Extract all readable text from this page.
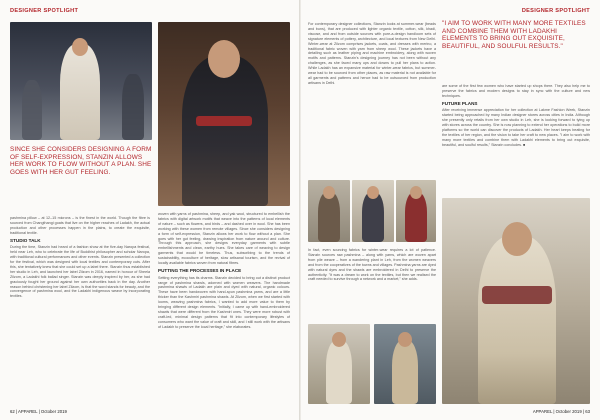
DESIGNER SPOTLIGHT	DESIGNER SPOTLIGHT
SINCE SHE CONSIDERS DESIGNING A FORM OF SELF-EXPRESSION, STANZIN ALLOWS HER WORK TO FLOW WITHOUT A PLAN. SHE GOES WITH HER GUT FEELING.

pashmina pillow – at 12–15 microns – is the finest in the world. Though the fibre is sourced from Changthangi goats that live on the higher reaches of Ladakh, the actual production and other processes happen in the plains, to create the exquisite, traditional textile.

STUDIO TALK

During the time, Stanzin had heard of a fashion show at the five-day Naropa festival, held near Leh, who to celebrate the life of Buddhist philosopher and scholar Naropa, with traditional cultural performances and other events. Stanzin presented a collection for the festival, which was designed with local textiles and contemporary cuts. After this, she tentatively knew that she could set up a label there. Stanzin thus established her studio in Leh, and launched her label Zilzom in 2016, named in honour of Sheela Zilzom, a Ladakhi folk ballad singer. Stanzin was deeply inspired by her, as she had graciously fought her ground against her own authorities back in the day. Another reason behind christening her label Zilzom, is that the word stands for beauty, and the convergence of pashmina wool, and the Ladakhi indigenous weave by incorporating textiles.

woven with yarns of pashmina, sheep, and yak wool, structured to embellish the fabrics with digital artwork motifs that weave into the patterns of local elements of nature – such as flowers, and birds – and dashed over in wool. She has been working with these women from remote villages. Since she considers designing a form of self-expression, Stanzin allows her work to flow without a plan. She goes with her gut feeling, drawing inspiration from nature around and culture. Through this approach, she designs everyday garments with subtle embellishments and clean, earthy hues. She takes care of weaving to design garments that would be timeless. Thus, subscribing to the trends of sustainability, ecoculture of heritage, slow artisanal tourism, and the revival of locally available fabrics woven from natural fibres.

PUTTING THE PROCESSES IN PLACE

Setting everything has its charms. Stanzin decided to bring out a distinct product range of pashmina shawls, adorned with women weavers. The handmade pashmina shawls of Ladakh are plain and dyed with natural, organic colours. These have been handwoven with hand-spun pashmina yarns, and are a little thicker than the Kashmiri pashmina shawls. At Zilzom, when we first started with looms, weaving pashmina fabrics, I wanted to add more value to them by bringing different design elements. "Initially, I came up with hand-embroidered shawls that were different from the Kashmiri ones. They were more robust with craft-led, minimal design patterns that fit into contemporary lifestyles of consumers who want the value of craft and skill, and I still work with the artisans of Ladakh to preserve the local heritage," she elaborates.

For contemporary designer collections, Stanzin looks at summer-wear (beads and buns), that are produced with lighter organic textile, cotton, silk, khadi, viscose, and and from outside sources with pure-a-design handloom sets of signature elements of pottery, architecture, and local textures from New Delhi. Winter-wear at Zilzom comprises jackets, coats, and dresses with merino, a traditional fabric woven with yarn from sheep wool. These jackets have a detailing such as leather piping and machine embroidery, along with woven motifs and patterns. Stanzin's designing journey has not been without any challenges, as she faced many ups and downs to pull her plans to action. While Ladakh has an expansive material for winter-wear fabrics, but summer-wear had to be sourced from other places, as raw material is not available for all garments and patterns and hence had to be outsourced from production artisans in Delhi.

In fact, even sourcing fabrics for winter-wear requires a lot of patience. Stanzin sources raw pashmina – along with yarns, which are woven apart from pile weave – from a wandering plant in Leh, from the women weavers and from the cooperatives of the towns and villages. Pashmina yarns are dyed with natural dyes and the shawls are embroidered in Delhi to preserve the authenticity. "It was a dream to work on the textiles, but then we realised the craft needed to survive through a network and a market," she adds.

"I AIM TO WORK WITH MANY MORE TEXTILES AND COMBINE THEM WITH LADAKHI ELEMENTS TO BRING OUT EXQUISITE, BEAUTIFUL, AND SOULFUL RESULTS."

are some of the first few women who have started up shops there. They also help me to preserve the fabrics and modern designs to stay in sync with the culture and new techniques.

FUTURE PLANS

After receiving immense appreciation for her collection at Lakme Fashion Week, Stanzin started being approached by many Indian designer stores across cities in India. Although she presently only retails from her own studio in Leh, she is looking forward to tying up with stores across the country. She is now planning to extend her operations to build more platforms so the world can discover the products of Ladakh. Her heart keeps beating for the textiles of her region, and the vision to take her craft to new places. "I aim to work with many more textiles and combine them with Ladakhi elements to bring out exquisite, beautiful, and soulful results," Stanzin concludes. ■

62 | APPAREL | October 2019	APPAREL | October 2019 | 63
